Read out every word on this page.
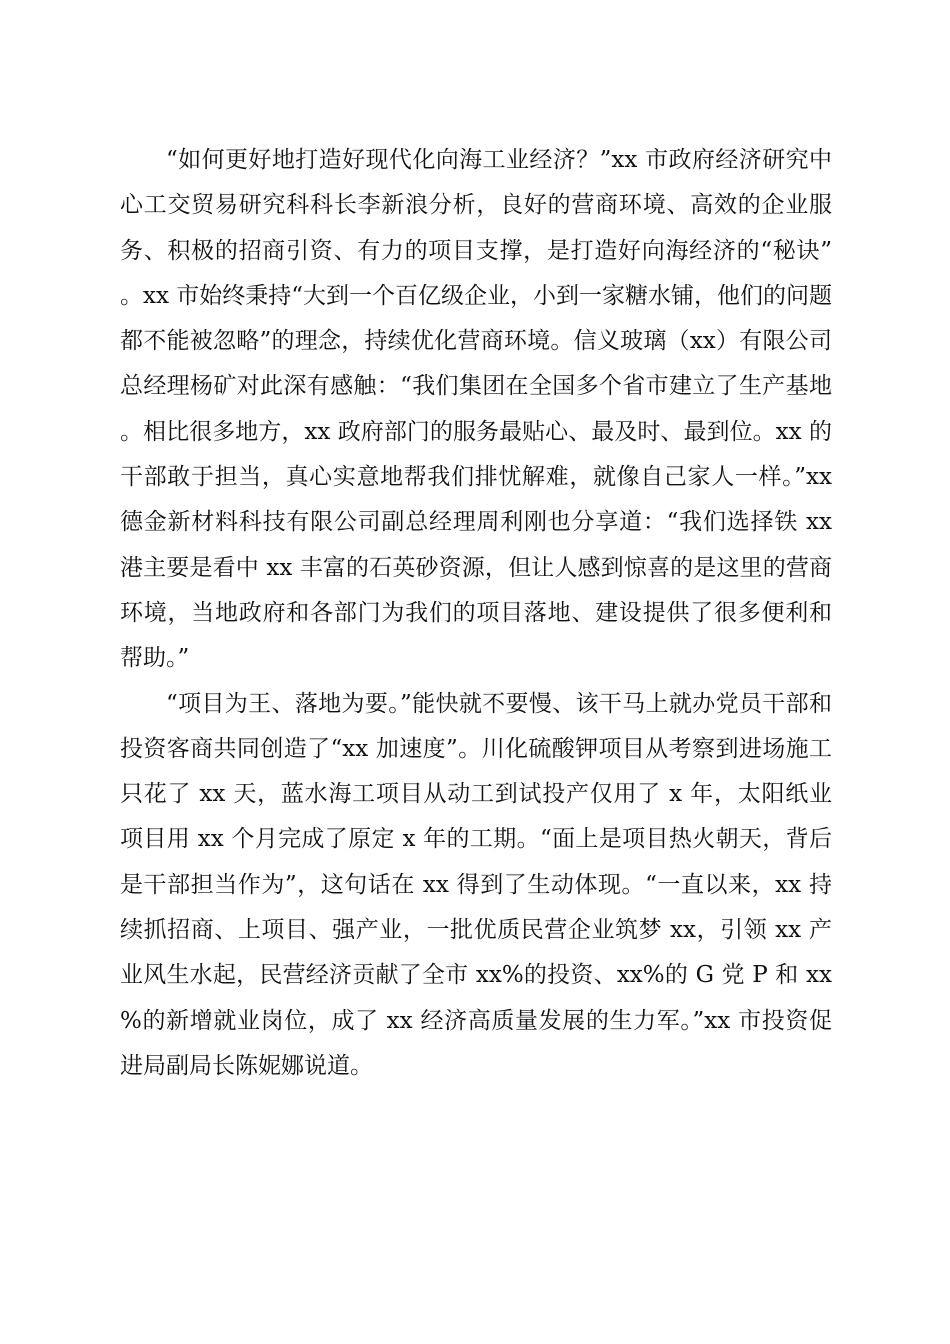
“如何更好地打造好现代化向海工业经济？”xx 市政府经济研究中心工交贸易研究科科长李新浪分析，良好的营商环境、高效的企业服务、积极的招商引资、有力的项目支撑，是打造好向海经济的“秘诀”。xx 市始终秉持“大到一个百亿级企业，小到一家糖水铺，他们的问题都不能被忽略”的理念，持续优化营商环境。信义玻璃（xx）有限公司总经理杨矿对此深有感触：“我们集团在全国多个省市建立了生产基地。相比很多地方，xx 政府部门的服务最贴心、最及时、最到位。xx 的干部敢于担当，真心实意地帮我们排忧解难，就像自己家人一样。”xx 德金新材料科技有限公司副总经理周利刚也分享道：“我们选择铁 xx 港主要是看中 xx 丰富的石英砂资源，但让人感到惊喜的是这里的营商环境，当地政府和各部门为我们的项目落地、建设提供了很多便利和帮助。”

“项目为王、落地为要。”能快就不要慢、该干马上就办党员干部和投资客商共同创造了“xx 加速度”。川化硫酸钾项目从考察到进场施工只花了 xx 天，蓝水海工项目从动工到试投产仅用了 x 年，太阳纸业项目用 xx 个月完成了原定 x 年的工期。“面上是项目热火朝天，背后是干部担当作为”，这句话在 xx 得到了生动体现。“一直以来，xx 持续抓招商、上项目、强产业，一批优质民营企业筑梦 xx，引领 xx 产业风生水起，民营经济贡献了全市 xx%的投资、xx%的 G 党 P 和 xx%的新增就业岗位，成了 xx 经济高质量发展的生力军。”xx 市投资促进局副局长陈妮娜说道。
